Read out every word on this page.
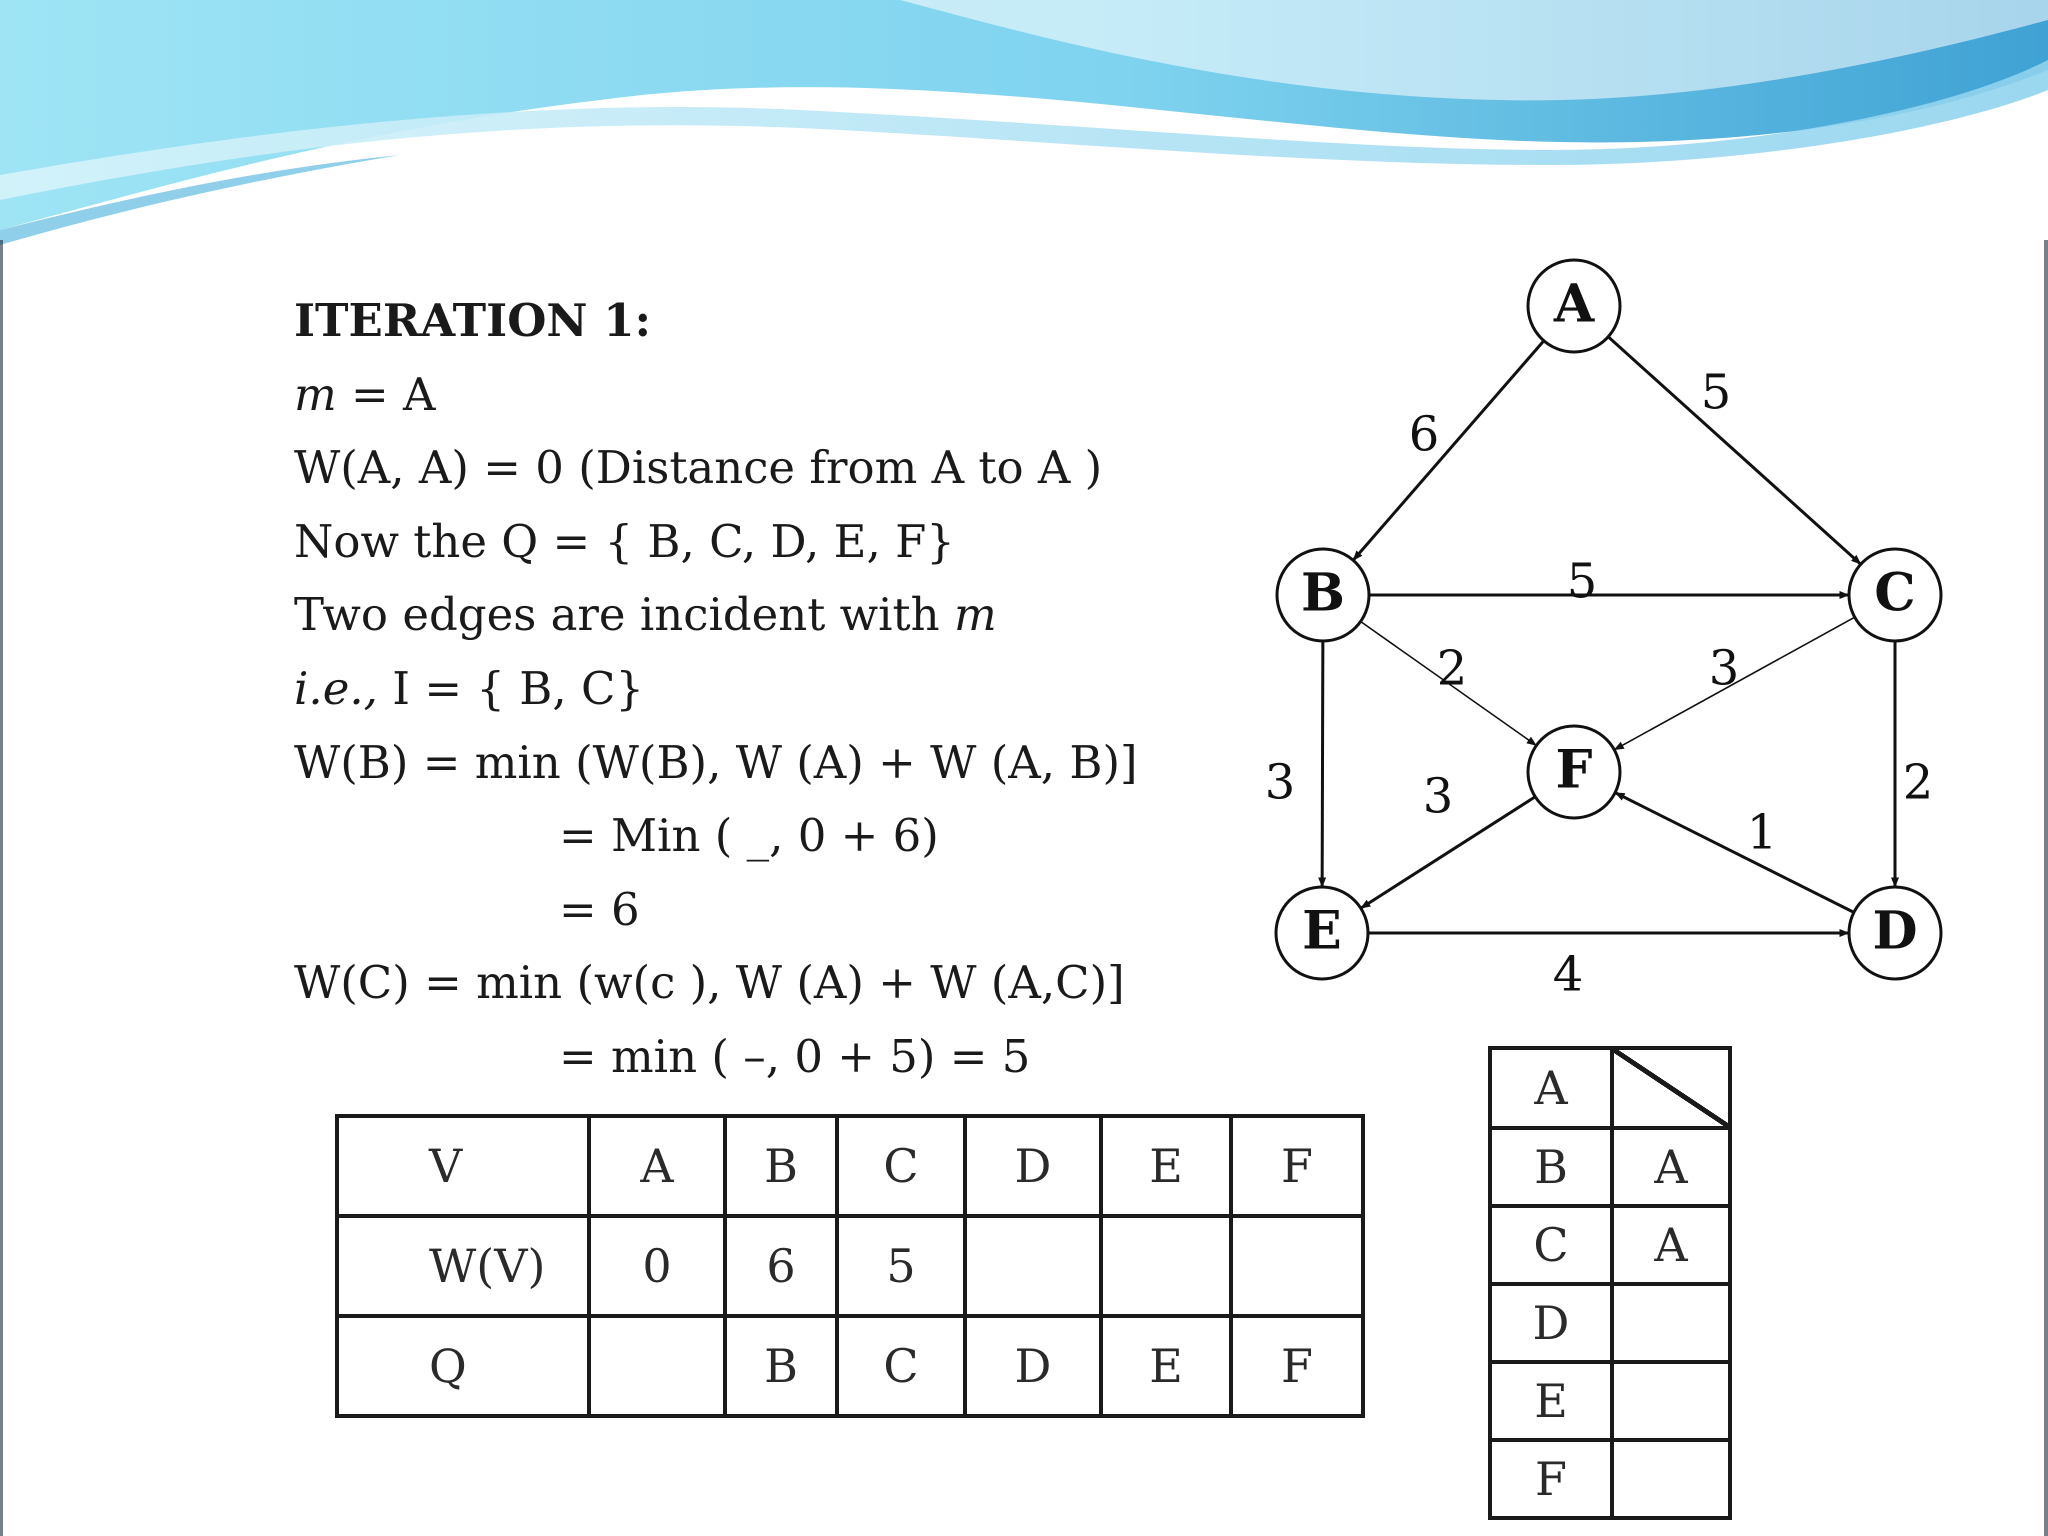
ITERATION 1:
m = A
W(A, A) = 0 (Distance from A to A )
Now the Q = { B, C, D, E, F}
Two edges are incident with m
i.e., I = { B, C}
W(B) = min (W(B), W (A) + W (A, B)]
= Min ( _, 0 + 6)
= 6
W(C) = min (w(c ), W (A) + W (A,C)]
= min ( –, 0 + 5) = 5
6
5
5
2	3
3	3	2
1
4
A
B	C
F
E	D
V	A	B	C	D	E	F
W(V)	0	6	5			
Q		B	C	D	E	F
A	
B	A
C	A
D	
E	
F	
